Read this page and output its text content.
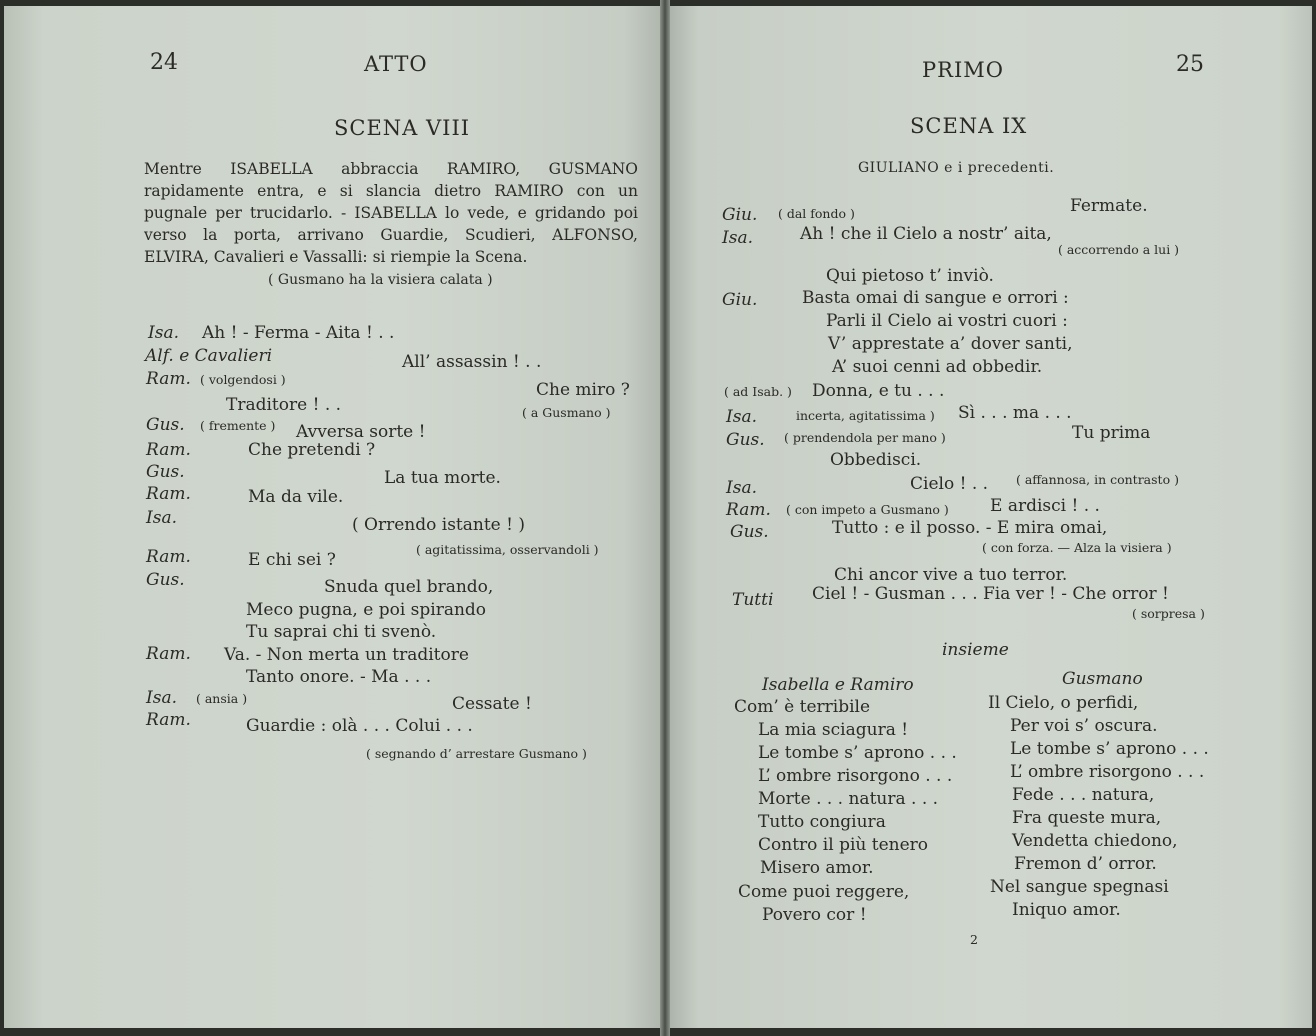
24	ATTO
SCENA VIII
Mentre ISABELLA abbraccia RAMIRO, GUSMANO rapidamente entra, e si slancia dietro RAMIRO con un pugnale per trucidarlo. - ISABELLA lo vede, e gridando poi verso la porta, arrivano Guardie, Scudieri, ALFONSO, ELVIRA, Cavalieri e Vassalli: si riempie la Scena.
( Gusmano ha la visiera calata )
Isa. Ah ! - Ferma - Aita ! . .
Alf. e Cavalieri	All’ assassin ! . .
Ram. ( volgendosi )
Che miro ?
Traditore ! . .	( a Gusmano )
Gus. ( fremente ) Avversa sorte !
Ram.	Che pretendi ?
Gus.	La tua morte.
Ram.	Ma da vile.
Isa.	( Orrendo istante ! )
( agitatissima, osservandoli )
Ram.	E chi sei ?
Gus.	Snuda quel brando,
Meco pugna, e poi spirando
Tu saprai chi ti svenò.
Ram. Va. - Non merta un traditore
Tanto onore. - Ma . . .
Isa. ( ansia )	Cessate !
Ram.	Guardie : olà . . . Colui . . .
( segnando d’ arrestare Gusmano )
PRIMO	25
SCENA IX
GIULIANO e i precedenti.
Giu. ( dal fondo )	Fermate.
Isa.	Ah ! che il Cielo a nostr’ aita,
( accorrendo a lui )
Qui pietoso t’ inviò.
Giu.	Basta omai di sangue e orrori :
Parli il Cielo ai vostri cuori :
V’ apprestate a’ dover santi,
A’ suoi cenni ad obbedir.
( ad Isab. ) Donna, e tu . . .
Isa.	incerta, agitatissima ) Sì . . . ma . . .
Gus. ( prendendola per mano )	Tu prima
Obbedisci.
Cielo ! . . ( affannosa, in contrasto )
Isa.
Ram. ( con impeto a Gusmano ) E ardisci ! . .
Gus.	Tutto : e il posso. - E mira omai,
( con forza. — Alza la visiera )
Chi ancor vive a tuo terror.
Tutti Ciel ! - Gusman . . . Fia ver ! - Che orror !
( sorpresa )
insieme
Isabella e Ramiro	Gusmano
Com’ è terribile	Il Cielo, o perfidi,
La mia sciagura !	Per voi s’ oscura.
Le tombe s’ aprono . . .	Le tombe s’ aprono . . .
L’ ombre risorgono . . .	L’ ombre risorgono . . .
Morte . . . natura . . .	Fede . . . natura,
Tutto congiura	Fra queste mura,
Contro il più tenero	Vendetta chiedono,
Misero amor.	Fremon d’ orror.
Come puoi reggere,	Nel sangue spegnasi
Povero cor !	Iniquo amor.
2
